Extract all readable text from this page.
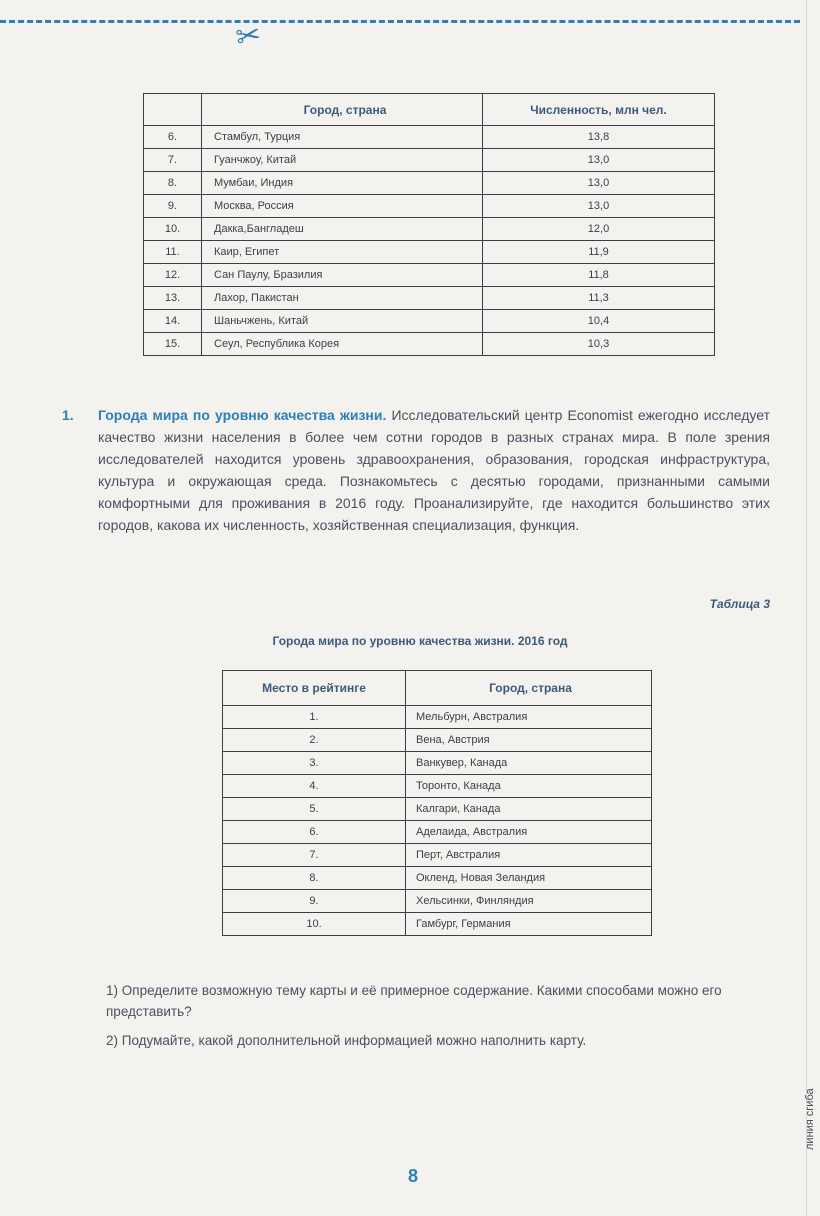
✂
линия сгиба
	Город, страна	Численность, млн чел.
6.	Стамбул, Турция	13,8
7.	Гуанчжоу, Китай	13,0
8.	Мумбаи, Индия	13,0
9.	Москва, Россия	13,0
10.	Дакка,Бангладеш	12,0
11.	Каир, Египет	11,9
12.	Сан Паулу, Бразилия	11,8
13.	Лахор, Пакистан	11,3
14.	Шаньчжень, Китай	10,4
15.	Сеул, Республика Корея	10,3
1. Города мира по уровню качества жизни. Исследовательский центр Economist ежегодно исследует качество жизни населения в более чем сотни городов в разных странах мира. В поле зрения исследователей находится уровень здравоохранения, образования, городская инфраструктура, культура и окружающая среда. Познакомьтесь с десятью городами, признанными самыми комфортными для проживания в 2016 году. Проанализируйте, где находится большинство этих городов, какова их численность, хозяйственная специализация, функция.
Таблица 3
Города мира по уровню качества жизни. 2016 год
Место в рейтинге	Город, страна
1.	Мельбурн, Австралия
2.	Вена, Австрия
3.	Ванкувер, Канада
4.	Торонто, Канада
5.	Калгари, Канада
6.	Аделаида, Австралия
7.	Перт, Австралия
8.	Окленд, Новая Зеландия
9.	Хельсинки, Финляндия
10.	Гамбург, Германия

1) Определите возможную тему карты и её примерное содержание. Какими способами можно его представить?

2) Подумайте, какой дополнительной информацией можно наполнить карту.

8
